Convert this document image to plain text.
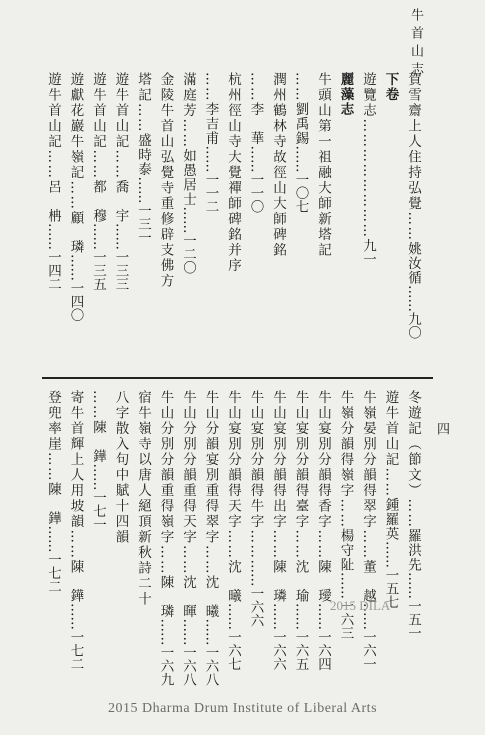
牛首山志
四
賀雪齋上人住持弘覺……姚汝循……九〇
下卷
遊覽志……………………九一
麗藻志
牛頭山第一祖融大師新塔記
……劉禹錫……一〇七
潤州鶴林寺故徑山大師碑銘
……李　華……一一〇
杭州徑山寺大覺禪師碑銘并序
……李吉甫……一一二
滿庭芳……如愚居士……一二〇
金陵牛首山弘覺寺重修辟支佛方
塔記……盛時泰……一三一
遊牛首山記……喬　宇……一三三
遊牛首山記……都　穆……一三五
遊獻花巖牛嶺記……顧　璘……一四〇
遊牛首山記……呂　柟……一四二
冬遊記（節文）……羅洪先……一五一
遊牛首山記……鍾羅英……一五七
牛嶺晏別分韻得翠字……董　越……一六一
牛嶺分韻得嶺字……楊守阯……一六三
牛山宴別分韻得香字……陳　璦……一六四
牛山宴別分韻得臺字……沈　瑜……一六五
牛山宴別分韻得出字……陳　璘……一六六
牛山宴別分韻得牛字…………一六六
牛山宴別分韻得天字……沈　曦……一六七
牛山分韻宴別重得翠字……沈　曦……一六八
牛山分別分韻重得天字……沈　暉……一六八
牛山分別分韻重得嶺字……陳　璘……一六九
宿牛嶺寺以唐人絕頂新秋詩二十
八字散入句中賦十四韻
……陳　鏵……一七一
寄牛首輝上人用坡韻……陳　鏵……一七二
登兜率崖……陳　鏵……一七二
2015 DILA
2015 Dharma Drum Institute of Liberal Arts
